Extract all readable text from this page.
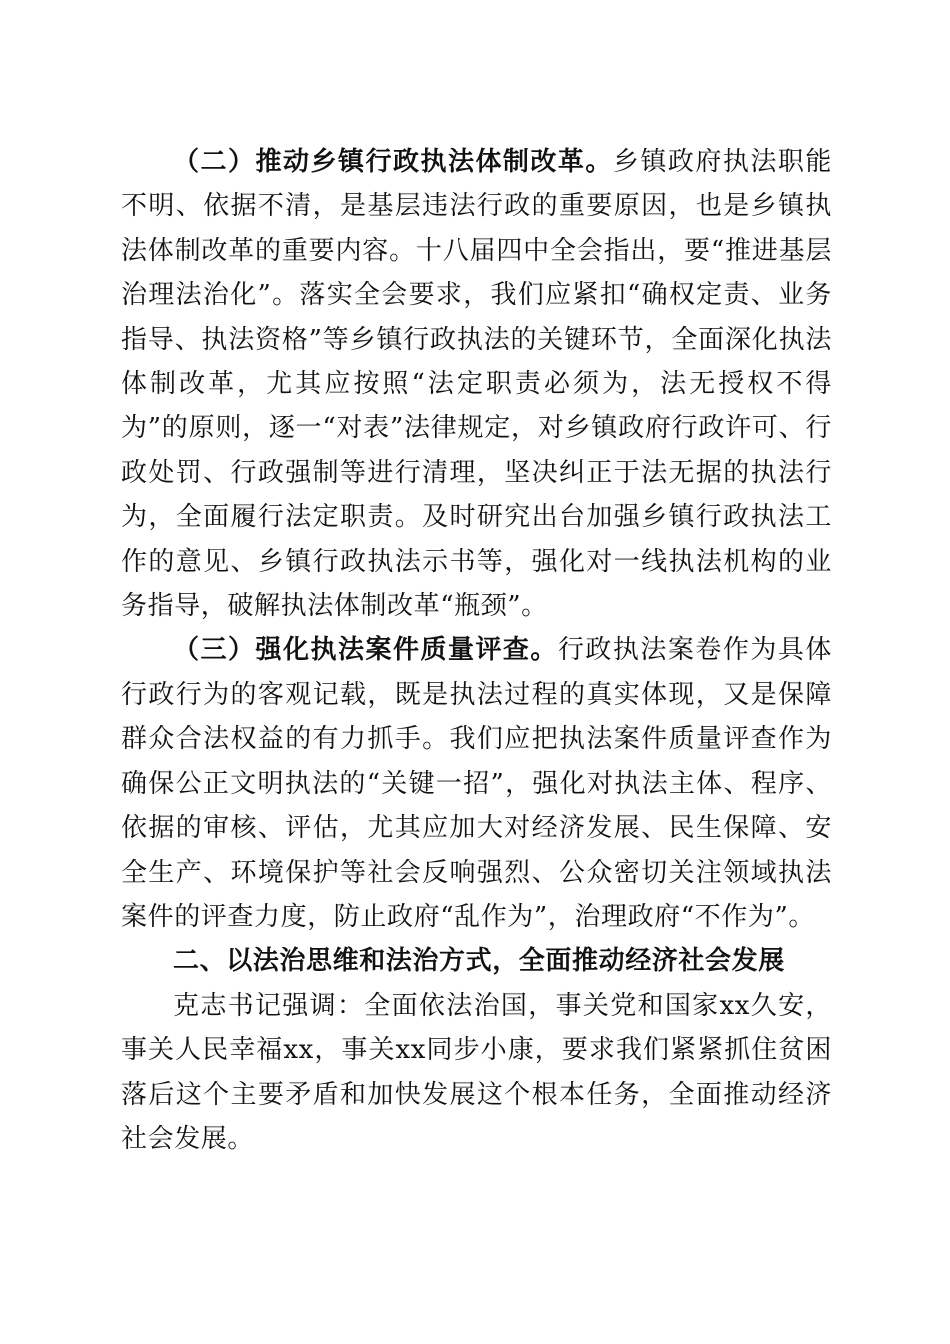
（二）推动乡镇行政执法体制改革。乡镇政府执法职能不明、依据不清，是基层违法行政的重要原因，也是乡镇执法体制改革的重要内容。十八届四中全会指出，要“推进基层治理法治化”。落实全会要求，我们应紧扣“确权定责、业务指导、执法资格”等乡镇行政执法的关键环节，全面深化执法体制改革，尤其应按照“法定职责必须为，法无授权不得为”的原则，逐一“对表”法律规定，对乡镇政府行政许可、行政处罚、行政强制等进行清理，坚决纠正于法无据的执法行为，全面履行法定职责。及时研究出台加强乡镇行政执法工作的意见、乡镇行政执法示书等，强化对一线执法机构的业务指导，破解执法体制改革“瓶颈”。

（三）强化执法案件质量评查。行政执法案卷作为具体行政行为的客观记载，既是执法过程的真实体现，又是保障群众合法权益的有力抓手。我们应把执法案件质量评查作为确保公正文明执法的“关键一招”，强化对执法主体、程序、依据的审核、评估，尤其应加大对经济发展、民生保障、安全生产、环境保护等社会反响强烈、公众密切关注领域执法案件的评查力度，防止政府“乱作为”，治理政府“不作为”。

二、以法治思维和法治方式，全面推动经济社会发展

克志书记强调：全面依法治国，事关党和国家xx久安，事关人民幸福xx，事关xx同步小康，要求我们紧紧抓住贫困落后这个主要矛盾和加快发展这个根本任务，全面推动经济社会发展。
